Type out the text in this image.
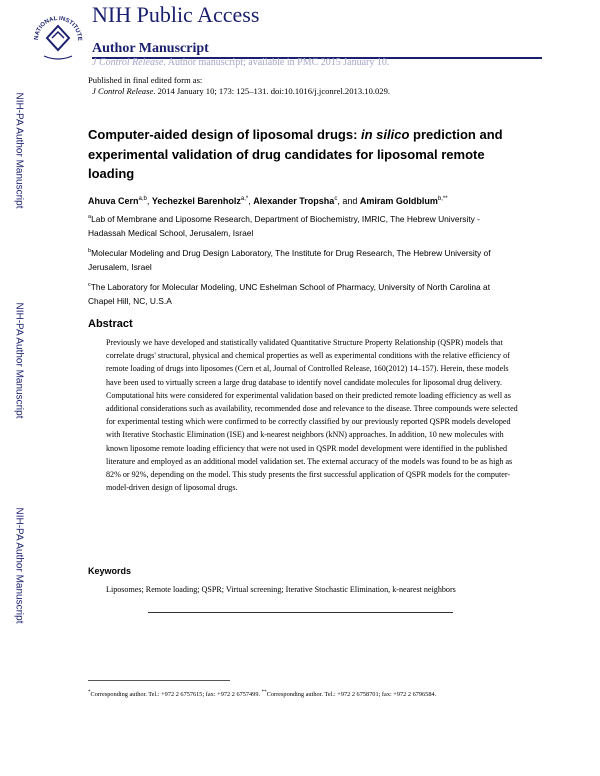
NATIONAL INSTITUTE
NIH Public Access
Author Manuscript
J Control Release. Author manuscript; available in PMC 2015 January 10.
Published in final edited form as:
J Control Release. 2014 January 10; 173: 125–131. doi:10.1016/j.jconrel.2013.10.029.
NIH-PA Author Manuscript
NIH-PA Author Manuscript
NIH-PA Author Manuscript
Computer-aided design of liposomal drugs: in silico prediction and experimental validation of drug candidates for liposomal remote loading
Ahuva Cern$^{a,b}$, Yechezkel Barenholz$^{a,*}$, Alexander Tropsha$^c$, and Amiram Goldblum$^{b,**}$
$^a$Lab of Membrane and Liposome Research, Department of Biochemistry, IMRIC, The Hebrew University - Hadassah Medical School, Jerusalem, Israel
$^b$Molecular Modeling and Drug Design Laboratory, The Institute for Drug Research, The Hebrew University of Jerusalem, Israel
$^c$The Laboratory for Molecular Modeling, UNC Eshelman School of Pharmacy, University of North Carolina at Chapel Hill, NC, U.S.A
Abstract
Previously we have developed and statistically validated Quantitative Structure Property Relationship (QSPR) models that correlate drugs' structural, physical and chemical properties as well as experimental conditions with the relative efficiency of remote loading of drugs into liposomes (Cern et al, Journal of Controlled Release, 160(2012) 14–157). Herein, these models have been used to virtually screen a large drug database to identify novel candidate molecules for liposomal drug delivery. Computational hits were considered for experimental validation based on their predicted remote loading efficiency as well as additional considerations such as availability, recommended dose and relevance to the disease. Three compounds were selected for experimental testing which were confirmed to be correctly classified by our previously reported QSPR models developed with Iterative Stochastic Elimination (ISE) and k-nearest neighbors (kNN) approaches. In addition, 10 new molecules with known liposome remote loading efficiency that were not used in QSPR model development were identified in the published literature and employed as an additional model validation set. The external accuracy of the models was found to be as high as 82% or 92%, depending on the model. This study presents the first successful application of QSPR models for the computer-model-driven design of liposomal drugs.
Keywords
Liposomes; Remote loading; QSPR; Virtual screening; Iterative Stochastic Elimination, k-nearest neighbors
*Corresponding author. Tel.: +972 2 6757615; fax: +972 2 6757499. **Corresponding author. Tel.: +972 2 6758701; fax: +972 2 6796584.
